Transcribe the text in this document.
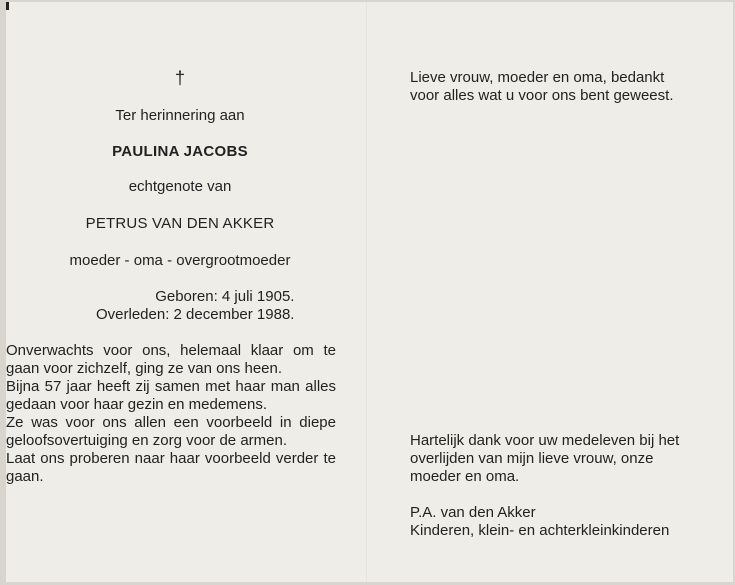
†
Ter herinnering aan
PAULINA JACOBS
echtgenote van
PETRUS VAN DEN AKKER
moeder - oma - overgrootmoeder
Geboren: 4 juli 1905.
Overleden: 2 december 1988.

Onverwachts voor ons, helemaal klaar om te gaan voor zichzelf, ging ze van ons heen.

Bijna 57 jaar heeft zij samen met haar man alles gedaan voor haar gezin en medemens.

Ze was voor ons allen een voorbeeld in diepe geloofsovertuiging en zorg voor de armen.

Laat ons proberen naar haar voorbeeld verder te gaan.

Lieve vrouw, moeder en oma, bedankt

voor alles wat u voor ons bent geweest.

Hartelijk dank voor uw medeleven bij het

overlijden van mijn lieve vrouw, onze

moeder en oma.

P.A. van den Akker

Kinderen, klein- en achterkleinkinderen
